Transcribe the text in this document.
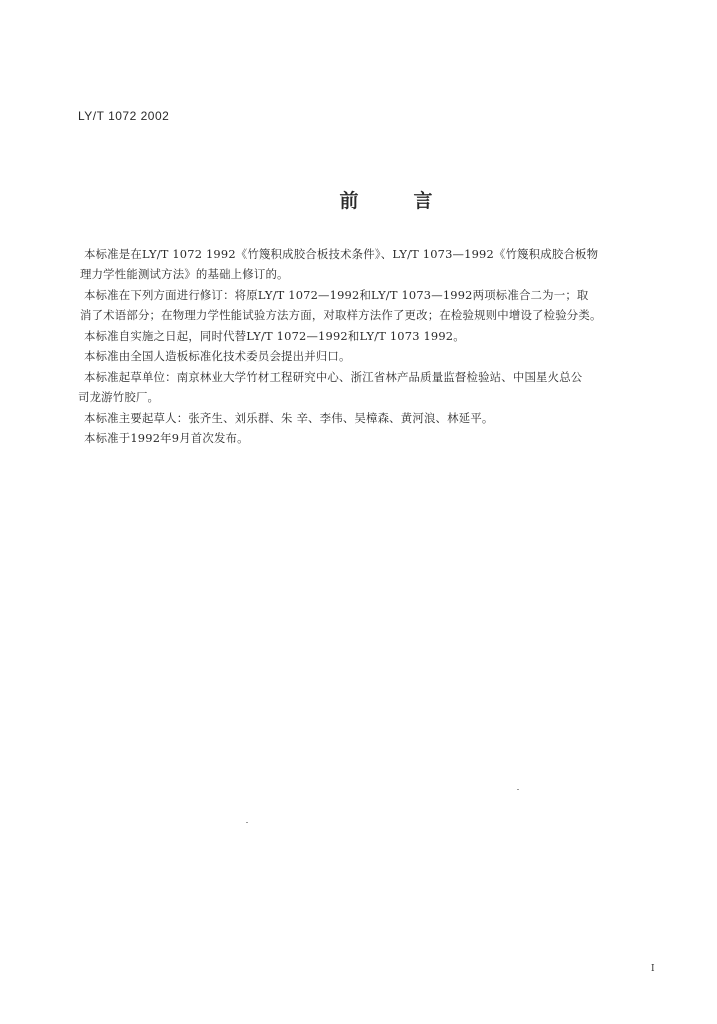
LY/T 1072 2002
前言
本标准是在LY/T 1072 1992《竹篾积成胶合板技术条件》、LY/T 1073—1992《竹篾积成胶合板物
理力学性能测试方法》的基础上修订的。
本标准在下列方面进行修订：将原LY/T 1072—1992和LY/T 1073—1992两项标准合二为一；取
消了术语部分；在物理力学性能试验方法方面，对取样方法作了更改；在检验规则中增设了检验分类。
本标准自实施之日起，同时代替LY/T 1072—1992和LY/T 1073 1992。
本标准由全国人造板标准化技术委员会提出并归口。
本标准起草单位：南京林业大学竹材工程研究中心、浙江省林产品质量监督检验站、中国星火总公
司龙游竹胶厂。
本标准主要起草人：张齐生、刘乐群、朱 辛、李伟、吴樟森、黄河浪、林延平。
本标准于1992年9月首次发布。
I
